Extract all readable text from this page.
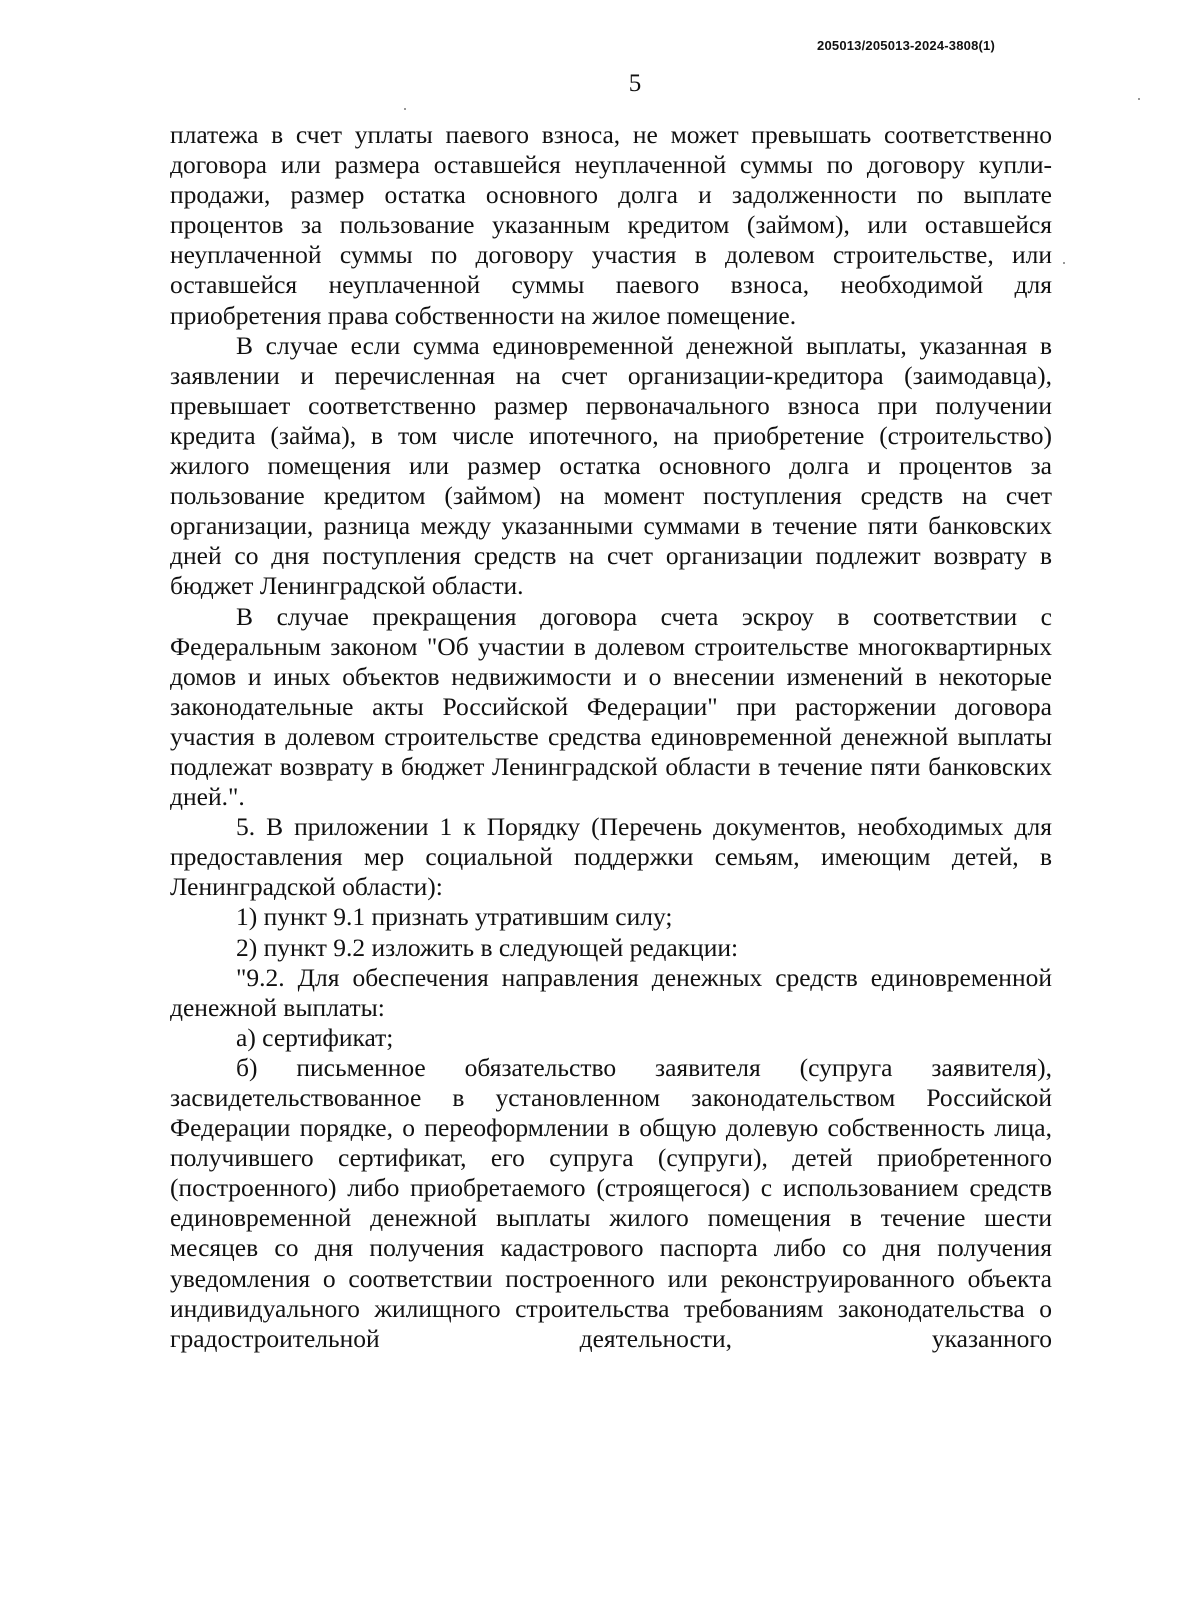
205013/205013-2024-3808(1)
5

платежа в счет уплаты паевого взноса, не может превышать соответственно договора или размера оставшейся неуплаченной суммы по договору купли-продажи, размер остатка основного долга и задолженности по выплате процентов за пользование указанным кредитом (займом), или оставшейся неуплаченной суммы по договору участия в долевом строительстве, или оставшейся неуплаченной суммы паевого взноса, необходимой для приобретения права собственности на жилое помещение.

В случае если сумма единовременной денежной выплаты, указанная в заявлении и перечисленная на счет организации-кредитора (заимодавца), превышает соответственно размер первоначального взноса при получении кредита (займа), в том числе ипотечного, на приобретение (строительство) жилого помещения или размер остатка основного долга и процентов за пользование кредитом (займом) на момент поступления средств на счет организации, разница между указанными суммами в течение пяти банковских дней со дня поступления средств на счет организации подлежит возврату в бюджет Ленинградской области.

В случае прекращения договора счета эскроу в соответствии с Федеральным законом "Об участии в долевом строительстве многоквартирных домов и иных объектов недвижимости и о внесении изменений в некоторые законодательные акты Российской Федерации" при расторжении договора участия в долевом строительстве средства единовременной денежной выплаты подлежат возврату в бюджет Ленинградской области в течение пяти банковских дней.".

5. В приложении 1 к Порядку (Перечень документов, необходимых для предоставления мер социальной поддержки семьям, имеющим детей, в Ленинградской области):

1) пункт 9.1 признать утратившим силу;

2) пункт 9.2 изложить в следующей редакции:

"9.2. Для обеспечения направления денежных средств единовременной денежной выплаты:

а) сертификат;

б) письменное обязательство заявителя (супруга заявителя), засвидетельствованное в установленном законодательством Российской Федерации порядке, о переоформлении в общую долевую собственность лица, получившего сертификат, его супруга (супруги), детей приобретенного (построенного) либо приобретаемого (строящегося) с использованием средств единовременной денежной выплаты жилого помещения в течение шести месяцев со дня получения кадастрового паспорта либо со дня получения уведомления о соответствии построенного или реконструированного объекта индивидуального жилищного строительства требованиям законодательства о градостроительной деятельности, указанного
